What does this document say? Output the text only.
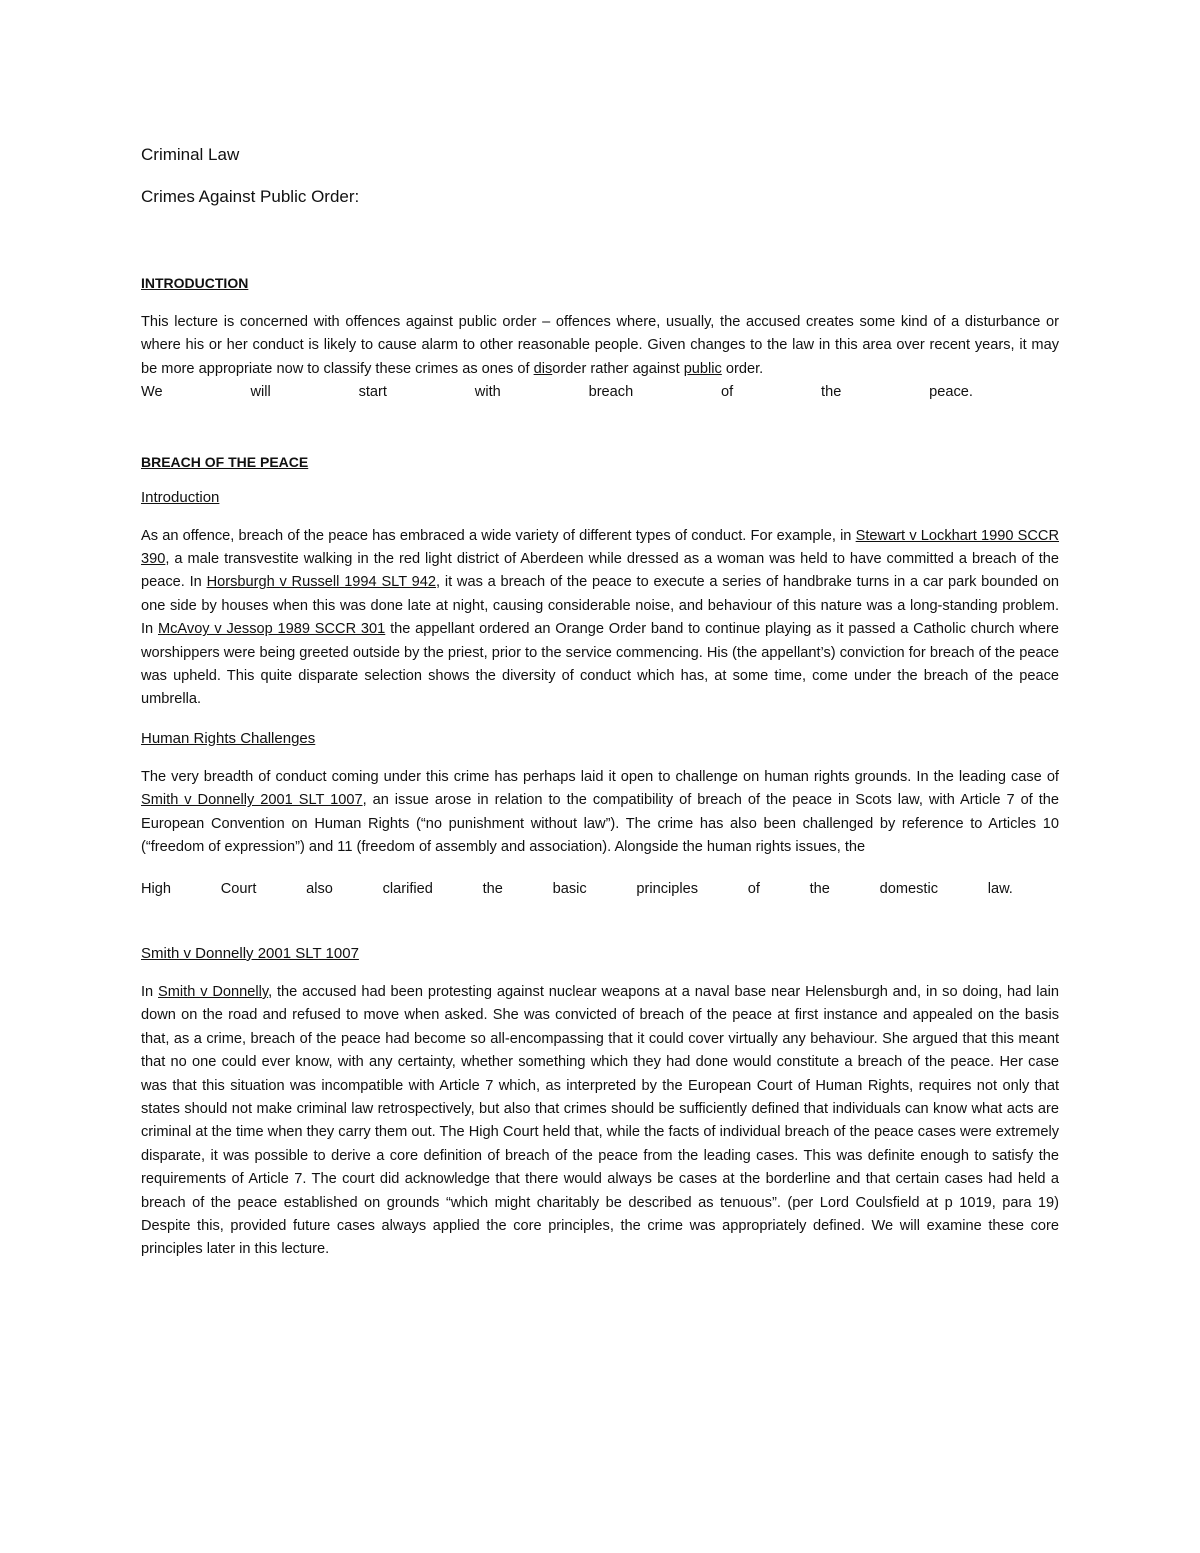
Criminal Law
Crimes Against Public Order:
INTRODUCTION

This lecture is concerned with offences against public order – offences where, usually, the accused creates some kind of a disturbance or where his or her conduct is likely to cause alarm to other reasonable people. Given changes to the law in this area over recent years, it may be more appropriate now to classify these crimes as ones of disorder rather against public order.

We	will	start	with	breach	of	the	peace.
BREACH OF THE PEACE
Introduction

As an offence, breach of the peace has embraced a wide variety of different types of conduct. For example, in Stewart v Lockhart 1990 SCCR 390, a male transvestite walking in the red light district of Aberdeen while dressed as a woman was held to have committed a breach of the peace. In Horsburgh v Russell 1994 SLT 942, it was a breach of the peace to execute a series of handbrake turns in a car park bounded on one side by houses when this was done late at night, causing considerable noise, and behaviour of this nature was a long-standing problem. In McAvoy v Jessop 1989 SCCR 301 the appellant ordered an Orange Order band to continue playing as it passed a Catholic church where worshippers were being greeted outside by the priest, prior to the service commencing. His (the appellant’s) conviction for breach of the peace was upheld. This quite disparate selection shows the diversity of conduct which has, at some time, come under the breach of the peace umbrella.

Human Rights Challenges

The very breadth of conduct coming under this crime has perhaps laid it open to challenge on human rights grounds. In the leading case of Smith v Donnelly 2001 SLT 1007, an issue arose in relation to the compatibility of breach of the peace in Scots law, with Article 7 of the European Convention on Human Rights (“no punishment without law”). The crime has also been challenged by reference to Articles 10 (“freedom of expression”) and 11 (freedom of assembly and association). Alongside the human rights issues, the

High	Court	also	clarified	the	basic	principles	of	the	domestic	law.
Smith v Donnelly 2001 SLT 1007

In Smith v Donnelly, the accused had been protesting against nuclear weapons at a naval base near Helensburgh and, in so doing, had lain down on the road and refused to move when asked. She was convicted of breach of the peace at first instance and appealed on the basis that, as a crime, breach of the peace had become so all-encompassing that it could cover virtually any behaviour. She argued that this meant that no one could ever know, with any certainty, whether something which they had done would constitute a breach of the peace. Her case was that this situation was incompatible with Article 7 which, as interpreted by the European Court of Human Rights, requires not only that states should not make criminal law retrospectively, but also that crimes should be sufficiently defined that individuals can know what acts are criminal at the time when they carry them out. The High Court held that, while the facts of individual breach of the peace cases were extremely disparate, it was possible to derive a core definition of breach of the peace from the leading cases. This was definite enough to satisfy the requirements of Article 7. The court did acknowledge that there would always be cases at the borderline and that certain cases had held a breach of the peace established on grounds “which might charitably be described as tenuous”. (per Lord Coulsfield at p 1019, para 19) Despite this, provided future cases always applied the core principles, the crime was appropriately defined. We will examine these core principles later in this lecture.
